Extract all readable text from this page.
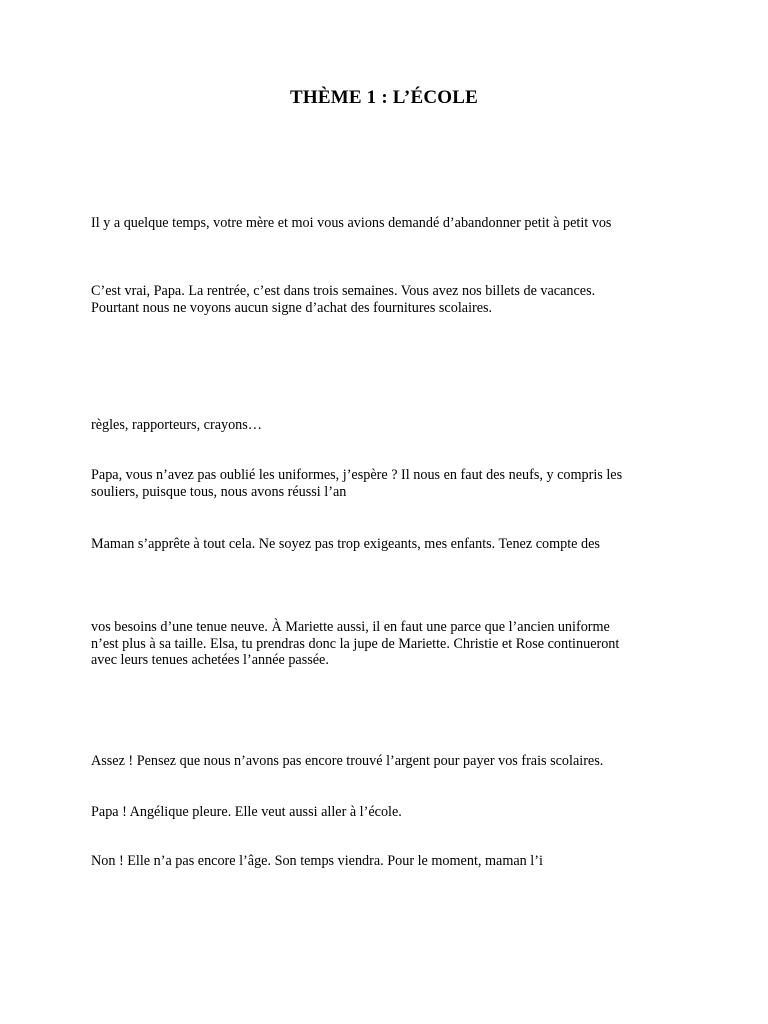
THÈME 1 : L’ÉCOLE
Il y a quelque temps, votre mère et moi vous avions demandé d’abandonner petit à petit vos
C’est vrai, Papa. La rentrée, c’est dans trois semaines. Vous avez nos billets de vacances.
Pourtant nous ne voyons aucun signe d’achat des fournitures scolaires.
règles, rapporteurs, crayons…
Papa, vous n’avez pas oublié les uniformes, j’espère ? Il nous en faut des neufs, y compris les
souliers, puisque tous, nous avons réussi l’an
Maman s’apprête à tout cela. Ne soyez pas trop exigeants, mes enfants. Tenez compte des
vos besoins d’une tenue neuve. À Mariette aussi, il en faut une parce que l’ancien uniforme
n’est plus à sa taille. Elsa, tu prendras donc la jupe de Mariette. Christie et Rose continueront
avec leurs tenues achetées l’année passée.
Assez ! Pensez que nous n’avons pas encore trouvé l’argent pour payer vos frais scolaires.
Papa ! Angélique pleure. Elle veut aussi aller à l’école.
Non ! Elle n’a pas encore l’âge. Son temps viendra. Pour le moment, maman l’i
